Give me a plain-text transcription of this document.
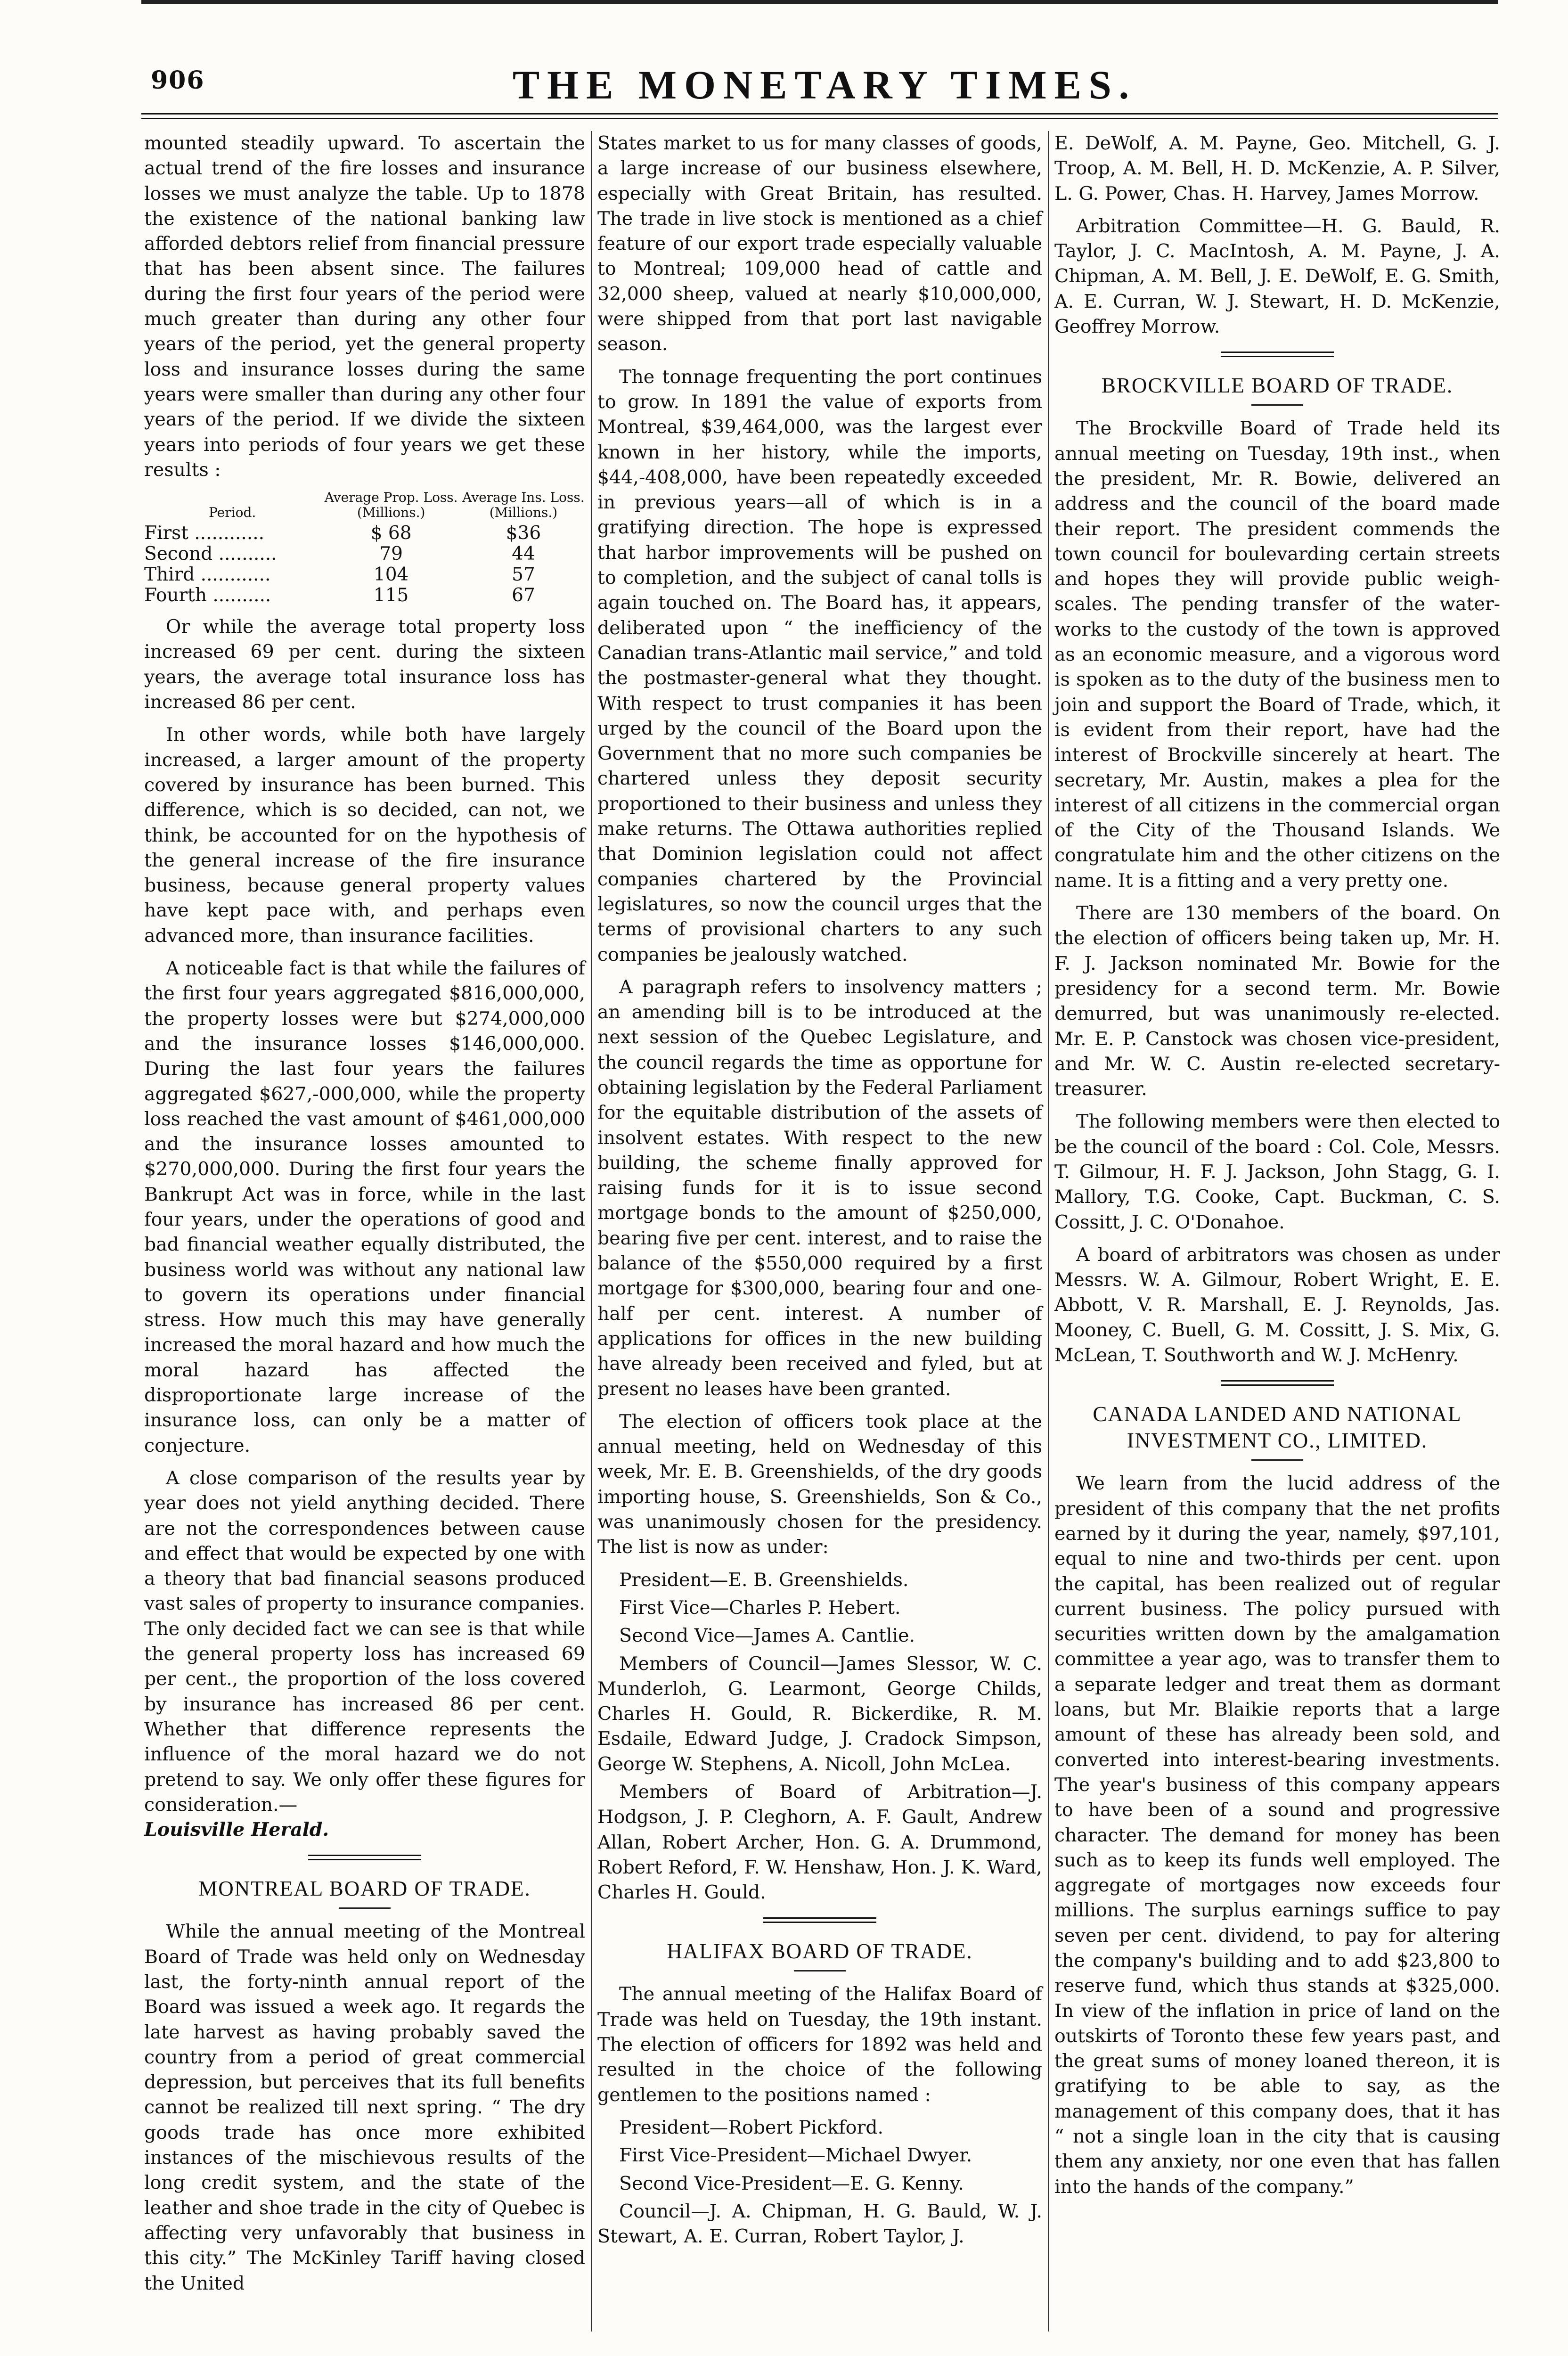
906	THE MONETARY TIMES.

mounted steadily upward. To ascertain the actual trend of the fire losses and insurance losses we must analyze the table. Up to 1878 the existence of the national banking law afforded debtors relief from financial pressure that has been absent since. The failures during the first four years of the period were much greater than during any other four years of the period, yet the general property loss and insurance losses during the same years were smaller than during any other four years of the period. If we divide the sixteen years into periods of four years we get these results :

Period.	Average Prop. Loss. (Millions.)	Average Ins. Loss. (Millions.)
First ............	$ 68	$36
Second ..........	79	44
Third ............	104	57
Fourth ..........	115	67

Or while the average total property loss increased 69 per cent. during the sixteen years, the average total insurance loss has increased 86 per cent.

In other words, while both have largely increased, a larger amount of the property covered by insurance has been burned. This difference, which is so decided, can not, we think, be accounted for on the hypothesis of the general increase of the fire insurance business, because general property values have kept pace with, and perhaps even advanced more, than insurance facilities.

A noticeable fact is that while the failures of the first four years aggregated $816,000,000, the property losses were but $274,000,000 and the insurance losses $146,000,000. During the last four years the failures aggregated $627,-000,000, while the property loss reached the vast amount of $461,000,000 and the insurance losses amounted to $270,000,000. During the first four years the Bankrupt Act was in force, while in the last four years, under the operations of good and bad financial weather equally distributed, the business world was without any national law to govern its operations under financial stress. How much this may have generally increased the moral hazard and how much the moral hazard has affected the disproportionate large increase of the insurance loss, can only be a matter of conjecture.

A close comparison of the results year by year does not yield anything decided. There are not the correspondences between cause and effect that would be expected by one with a theory that bad financial seasons produced vast sales of property to insurance companies. The only decided fact we can see is that while the general property loss has increased 69 per cent., the proportion of the loss covered by insurance has increased 86 per cent. Whether that difference represents the influence of the moral hazard we do not pretend to say. We only offer these figures for consideration.—

Louisville Herald.

MONTREAL BOARD OF TRADE.

While the annual meeting of the Montreal Board of Trade was held only on Wednesday last, the forty-ninth annual report of the Board was issued a week ago. It regards the late harvest as having probably saved the country from a period of great commercial depression, but perceives that its full benefits cannot be realized till next spring. “ The dry goods trade has once more exhibited instances of the mischievous results of the long credit system, and the state of the leather and shoe trade in the city of Quebec is affecting very unfavorably that business in this city.” The McKinley Tariff having closed the United

States market to us for many classes of goods, a large increase of our business elsewhere, especially with Great Britain, has resulted. The trade in live stock is mentioned as a chief feature of our export trade especially valuable to Montreal; 109,000 head of cattle and 32,000 sheep, valued at nearly $10,000,000, were shipped from that port last navigable season.

The tonnage frequenting the port continues to grow. In 1891 the value of exports from Montreal, $39,464,000, was the largest ever known in her history, while the imports, $44,-408,000, have been repeatedly exceeded in previous years—all of which is in a gratifying direction. The hope is expressed that harbor improvements will be pushed on to completion, and the subject of canal tolls is again touched on. The Board has, it appears, deliberated upon “ the inefficiency of the Canadian trans-Atlantic mail service,” and told the postmaster-general what they thought. With respect to trust companies it has been urged by the council of the Board upon the Government that no more such companies be chartered unless they deposit security proportioned to their business and unless they make returns. The Ottawa authorities replied that Dominion legislation could not affect companies chartered by the Provincial legislatures, so now the council urges that the terms of provisional charters to any such companies be jealously watched.

A paragraph refers to insolvency matters ; an amending bill is to be introduced at the next session of the Quebec Legislature, and the council regards the time as opportune for obtaining legislation by the Federal Parliament for the equitable distribution of the assets of insolvent estates. With respect to the new building, the scheme finally approved for raising funds for it is to issue second mortgage bonds to the amount of $250,000, bearing five per cent. interest, and to raise the balance of the $550,000 required by a first mortgage for $300,000, bearing four and one-half per cent. interest. A number of applications for offices in the new building have already been received and fyled, but at present no leases have been granted.

The election of officers took place at the annual meeting, held on Wednesday of this week, Mr. E. B. Greenshields, of the dry goods importing house, S. Greenshields, Son & Co., was unanimously chosen for the presidency. The list is now as under:

President—E. B. Greenshields.

First Vice—Charles P. Hebert.

Second Vice—James A. Cantlie.

Members of Council—James Slessor, W. C. Munderloh, G. Learmont, George Childs, Charles H. Gould, R. Bickerdike, R. M. Esdaile, Edward Judge, J. Cradock Simpson, George W. Stephens, A. Nicoll, John McLea.

Members of Board of Arbitration—J. Hodgson, J. P. Cleghorn, A. F. Gault, Andrew Allan, Robert Archer, Hon. G. A. Drummond, Robert Reford, F. W. Henshaw, Hon. J. K. Ward, Charles H. Gould.

HALIFAX BOARD OF TRADE.

The annual meeting of the Halifax Board of Trade was held on Tuesday, the 19th instant. The election of officers for 1892 was held and resulted in the choice of the following gentlemen to the positions named :

President—Robert Pickford.

First Vice-President—Michael Dwyer.

Second Vice-President—E. G. Kenny.

Council—J. A. Chipman, H. G. Bauld, W. J. Stewart, A. E. Curran, Robert Taylor, J.

E. DeWolf, A. M. Payne, Geo. Mitchell, G. J. Troop, A. M. Bell, H. D. McKenzie, A. P. Silver, L. G. Power, Chas. H. Harvey, James Morrow.

Arbitration Committee—H. G. Bauld, R. Taylor, J. C. MacIntosh, A. M. Payne, J. A. Chipman, A. M. Bell, J. E. DeWolf, E. G. Smith, A. E. Curran, W. J. Stewart, H. D. McKenzie, Geoffrey Morrow.

BROCKVILLE BOARD OF TRADE.

The Brockville Board of Trade held its annual meeting on Tuesday, 19th inst., when the president, Mr. R. Bowie, delivered an address and the council of the board made their report. The president commends the town council for boulevarding certain streets and hopes they will provide public weigh-scales. The pending transfer of the water-works to the custody of the town is approved as an economic measure, and a vigorous word is spoken as to the duty of the business men to join and support the Board of Trade, which, it is evident from their report, have had the interest of Brockville sincerely at heart. The secretary, Mr. Austin, makes a plea for the interest of all citizens in the commercial organ of the City of the Thousand Islands. We congratulate him and the other citizens on the name. It is a fitting and a very pretty one.

There are 130 members of the board. On the election of officers being taken up, Mr. H. F. J. Jackson nominated Mr. Bowie for the presidency for a second term. Mr. Bowie demurred, but was unanimously re-elected. Mr. E. P. Canstock was chosen vice-president, and Mr. W. C. Austin re-elected secretary-treasurer.

The following members were then elected to be the council of the board : Col. Cole, Messrs. T. Gilmour, H. F. J. Jackson, John Stagg, G. I. Mallory, T.G. Cooke, Capt. Buckman, C. S. Cossitt, J. C. O'Donahoe.

A board of arbitrators was chosen as under Messrs. W. A. Gilmour, Robert Wright, E. E. Abbott, V. R. Marshall, E. J. Reynolds, Jas. Mooney, C. Buell, G. M. Cossitt, J. S. Mix, G. McLean, T. Southworth and W. J. McHenry.

CANADA LANDED AND NATIONAL INVESTMENT CO., LIMITED.

We learn from the lucid address of the president of this company that the net profits earned by it during the year, namely, $97,101, equal to nine and two-thirds per cent. upon the capital, has been realized out of regular current business. The policy pursued with securities written down by the amalgamation committee a year ago, was to transfer them to a separate ledger and treat them as dormant loans, but Mr. Blaikie reports that a large amount of these has already been sold, and converted into interest-bearing investments. The year's business of this company appears to have been of a sound and progressive character. The demand for money has been such as to keep its funds well employed. The aggregate of mortgages now exceeds four millions. The surplus earnings suffice to pay seven per cent. dividend, to pay for altering the company's building and to add $23,800 to reserve fund, which thus stands at $325,000. In view of the inflation in price of land on the outskirts of Toronto these few years past, and the great sums of money loaned thereon, it is gratifying to be able to say, as the management of this company does, that it has “ not a single loan in the city that is causing them any anxiety, nor one even that has fallen into the hands of the company.”
